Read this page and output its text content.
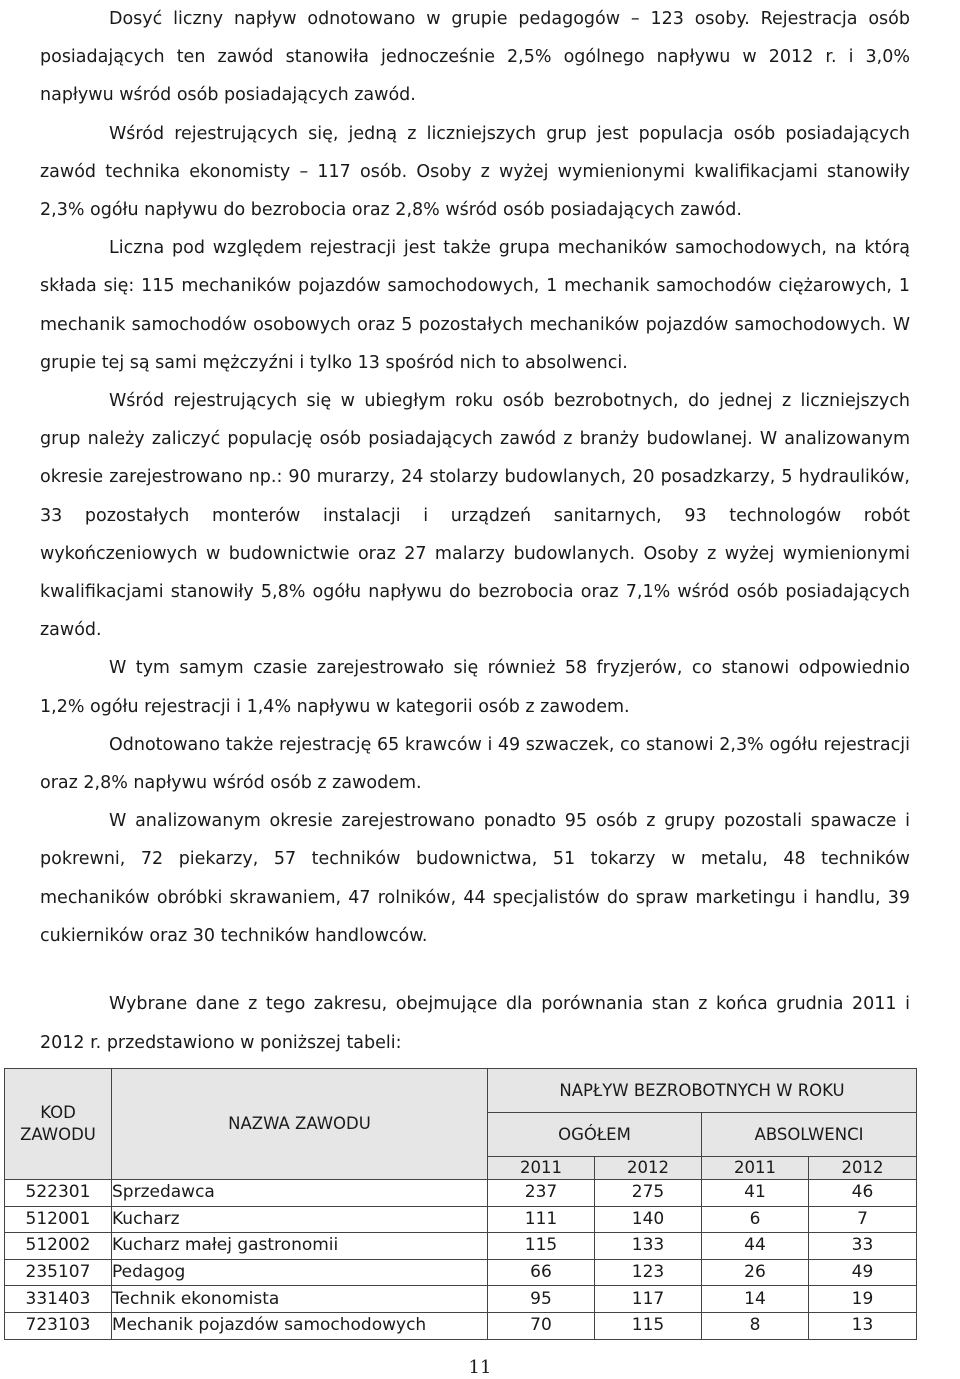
Dosyć liczny napływ odnotowano w grupie pedagogów – 123 osoby. Rejestracja osób posiadających ten zawód stanowiła jednocześnie 2,5% ogólnego napływu w 2012 r. i 3,0% napływu wśród osób posiadających zawód.

Wśród rejestrujących się, jedną z liczniejszych grup jest populacja osób posiadających zawód technika ekonomisty – 117 osób. Osoby z wyżej wymienionymi kwalifikacjami stanowiły 2,3% ogółu napływu do bezrobocia oraz 2,8% wśród osób posiadających zawód.

Liczna pod względem rejestracji jest także grupa mechaników samochodowych, na którą składa się: 115 mechaników pojazdów samochodowych, 1 mechanik samochodów ciężarowych, 1 mechanik samochodów osobowych oraz 5 pozostałych mechaników pojazdów samochodowych. W grupie tej są sami mężczyźni i tylko 13 spośród nich to absolwenci.

Wśród rejestrujących się w ubiegłym roku osób bezrobotnych, do jednej z liczniejszych grup należy zaliczyć populację osób posiadających zawód z branży budowlanej. W analizowanym okresie zarejestrowano np.: 90 murarzy, 24 stolarzy budowlanych, 20 posadzkarzy, 5 hydraulików, 33 pozostałych monterów instalacji i urządzeń sanitarnych, 93 technologów robót wykończeniowych w budownictwie oraz 27 malarzy budowlanych. Osoby z wyżej wymienionymi kwalifikacjami stanowiły 5,8% ogółu napływu do bezrobocia oraz 7,1% wśród osób posiadających zawód.

W tym samym czasie zarejestrowało się również 58 fryzjerów, co stanowi odpowiednio 1,2% ogółu rejestracji i 1,4% napływu w kategorii osób z zawodem.

Odnotowano także rejestrację 65 krawców i 49 szwaczek, co stanowi 2,3% ogółu rejestracji oraz 2,8% napływu wśród osób z zawodem.

W analizowanym okresie zarejestrowano ponadto 95 osób z grupy pozostali spawacze i pokrewni, 72 piekarzy, 57 techników budownictwa, 51 tokarzy w metalu, 48 techników mechaników obróbki skrawaniem, 47 rolników, 44 specjalistów do spraw marketingu i handlu, 39 cukierników oraz 30 techników handlowców.

Wybrane dane z tego zakresu, obejmujące dla porównania stan z końca grudnia 2011 i 2012 r. przedstawiono w poniższej tabeli:

KOD ZAWODU	NAZWA ZAWODU	NAPŁYW BEZROBOTNYCH W ROKU			
		OGÓŁEM		ABSOLWENCI	
		2011	2012	2011	2012
522301	Sprzedawca	237	275	41	46
512001	Kucharz	111	140	6	7
512002	Kucharz małej gastronomii	115	133	44	33
235107	Pedagog	66	123	26	49
331403	Technik ekonomista	95	117	14	19
723103	Mechanik pojazdów samochodowych	70	115	8	13
11
